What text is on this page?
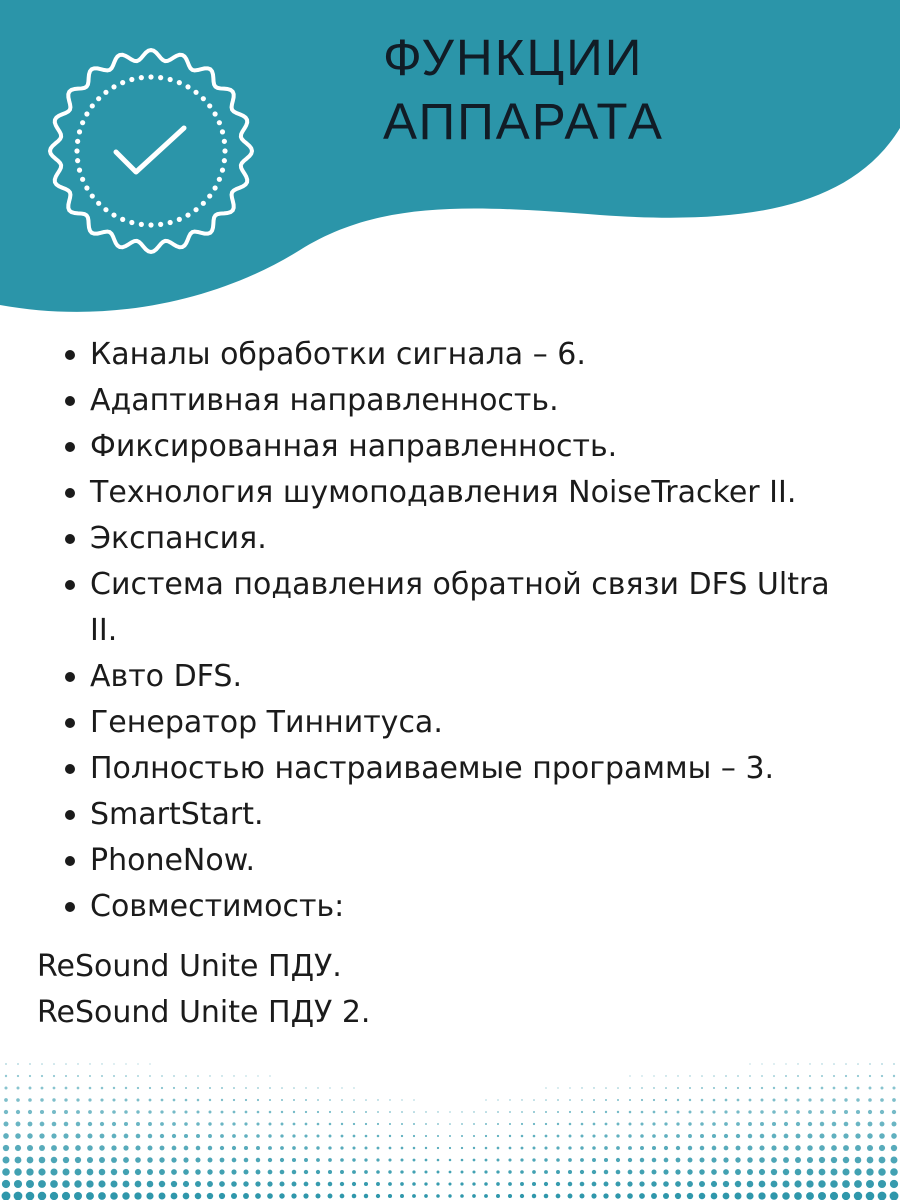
ФУНКЦИИ
АППАРАТА
Каналы обработки сигнала – 6.
Адаптивная направленность.
Фиксированная направленность.
Технология шумоподавления NoiseTracker II.
Экспансия.
Система подавления обратной связи DFS Ultra II.
Авто DFS.
Генератор Тиннитуса.
Полностью настраиваемые программы – 3.
SmartStart.
PhoneNow.
Совместимость:
ReSound Unite ПДУ.
ReSound Unite ПДУ 2.
